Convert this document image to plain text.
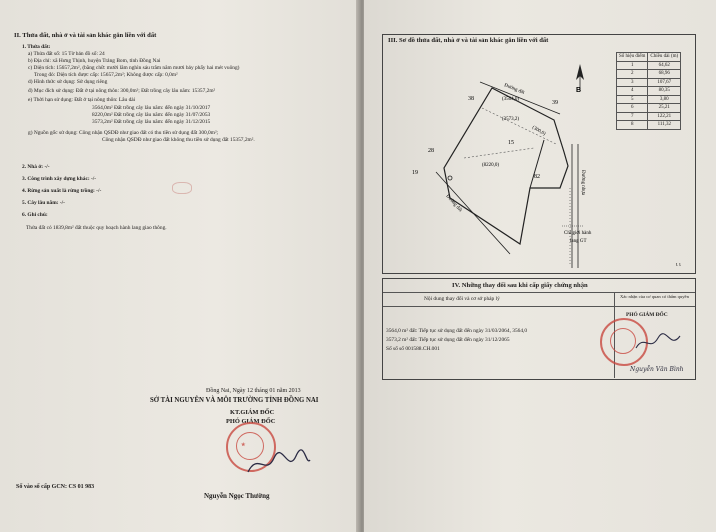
II. Thửa đất, nhà ở và tài sản khác gắn liền với đất
1. Thửa đất:
a) Thửa đất số: 15 Tờ bản đồ số: 24
b) Địa chỉ: xã Hưng Thịnh, huyện Trảng Bom, tỉnh Đồng Nai
c) Diện tích: 15657,2m², (bằng chữ: mười lăm nghìn sáu trăm năm mươi bảy phẩy hai mét vuông)
Trong đó: Diện tích được cấp: 15657,2m²; Không được cấp: 0,0m²
d) Hình thức sử dụng: Sử dụng riêng
đ) Mục đích sử dụng: Đất ở tại nông thôn: 300,0m²; Đất trồng cây lâu năm: 15357,2m²
e) Thời hạn sử dụng: Đất ở tại nông thôn: Lâu dài
3564,0m² Đất trồng cây lâu năm: đến ngày 31/10/2017
8220,0m² Đất trồng cây lâu năm: đến ngày 31/07/2053
3573,2m² Đất trồng cây lâu năm: đến ngày 31/12/2015
g) Nguồn gốc sử dụng: Công nhận QSDĐ như giao đất có thu tiền sử dụng đất 300,0m²;
Công nhận QSDĐ như giao đất không thu tiền sử dụng đất 15357,2m².
2. Nhà ở: -/-
3. Công trình xây dựng khác: -/-
4. Rừng sản xuất là rừng trồng: -/-
5. Cây lâu năm: -/-
6. Ghi chú:
Thửa đất có 1839,8m² đất thuộc quy hoạch hành lang giao thông.
Đồng Nai, Ngày 12 tháng 01 năm 2013
SỞ TÀI NGUYÊN VÀ MÔI TRƯỜNG TỈNH ĐỒNG NAI
KT.GIÁM ĐỐC
PHÓ GIÁM ĐỐC
★
Nguyễn Ngọc Thường
Số vào sổ cấp GCN: CS 01 983
III. Sơ đồ thửa đất, nhà ở và tài sản khác gắn liền với đất
Số hiệu điểm	Chiều dài (m)
1	64,62
2	68,96
3	107,67
4	80,35
5	3,80
6	25,21
7	122,21
8	111,32
B
Đường đất
Đường đất
Đường nhựa
(3564,0)
(3573,2)
(8220,0)
(300,0)
38
39
15
82
28
19
Chỉ giới hành
lang GT
ɩ ɩ
IV. Những thay đổi sau khi cấp giấy chứng nhận
Nội dung thay đổi và cơ sở pháp lý	Xác nhận của cơ quan có thẩm quyền
3564,0 m² đất: Tiếp tục sử dụng đất đến ngày 31/03/2064, 3564,0
3573,2 m² đất: Tiếp tục sử dụng đất đến ngày 31/12/2065
Số sổ số 001588.CH.001
PHÓ GIÁM ĐỐC
Nguyễn Văn Bình
